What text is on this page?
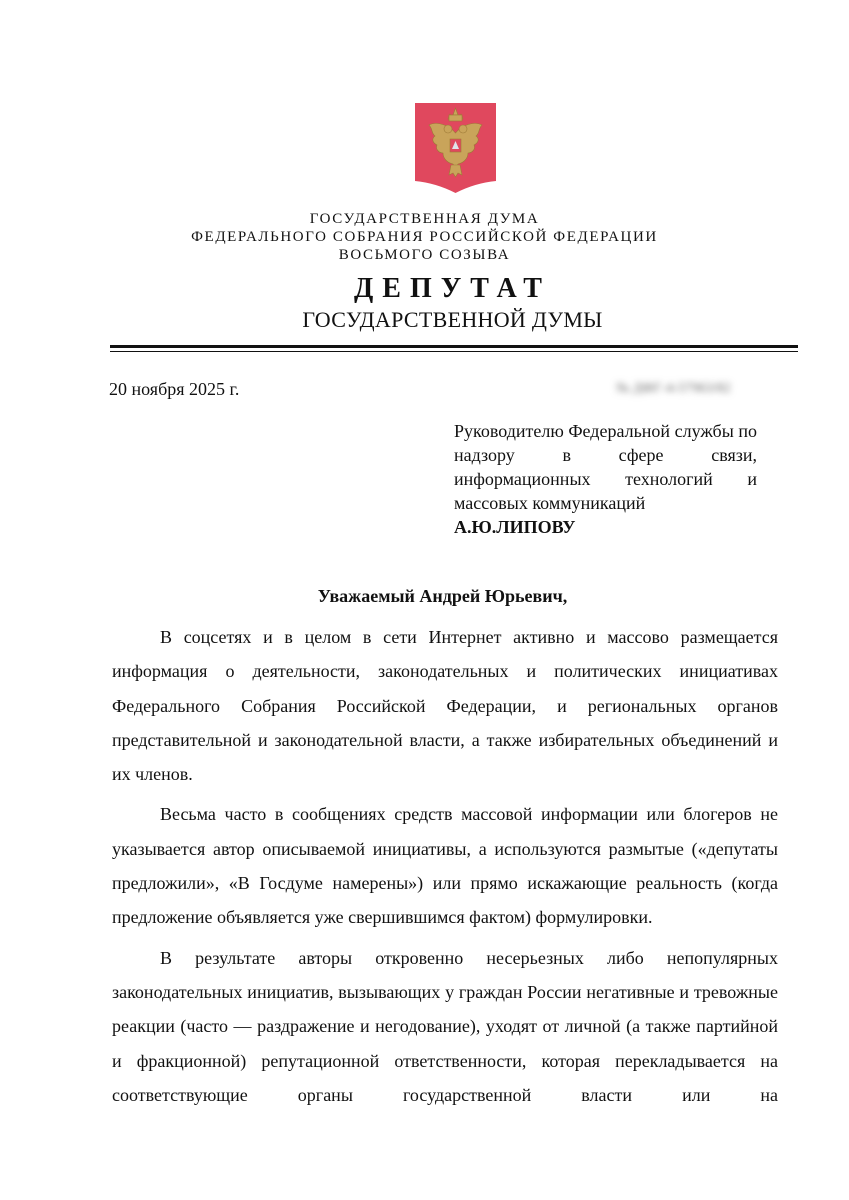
ГОСУДАРСТВЕННАЯ ДУМА
ФЕДЕРАЛЬНОГО СОБРАНИЯ РОССИЙСКОЙ ФЕДЕРАЦИИ
ВОСЬМОГО СОЗЫВА
ДЕПУТАТ
ГОСУДАРСТВЕННОЙ ДУМЫ
20 ноября 2025 г.	№ ДФГ-4-57963/82

Руководителю Федеральной службы по надзору в сфере связи, информационных технологий и массовых коммуникаций

А.Ю.ЛИПОВУ
Уважаемый Андрей Юрьевич,

В соцсетях и в целом в сети Интернет активно и массово размещается информация о деятельности, законодательных и политических инициативах Федерального Собрания Российской Федерации, и региональных органов представительной и законодательной власти, а также избирательных объединений и их членов.

Весьма часто в сообщениях средств массовой информации или блогеров не указывается автор описываемой инициативы, а используются размытые («депутаты предложили», «В Госдуме намерены») или прямо искажающие реальность (когда предложение объявляется уже свершившимся фактом) формулировки.

В результате авторы откровенно несерьезных либо непопулярных законодательных инициатив, вызывающих у граждан России негативные и тревожные реакции (часто — раздражение и негодование), уходят от личной (а также партийной и фракционной) репутационной ответственности, которая перекладывается на соответствующие органы государственной власти или на
